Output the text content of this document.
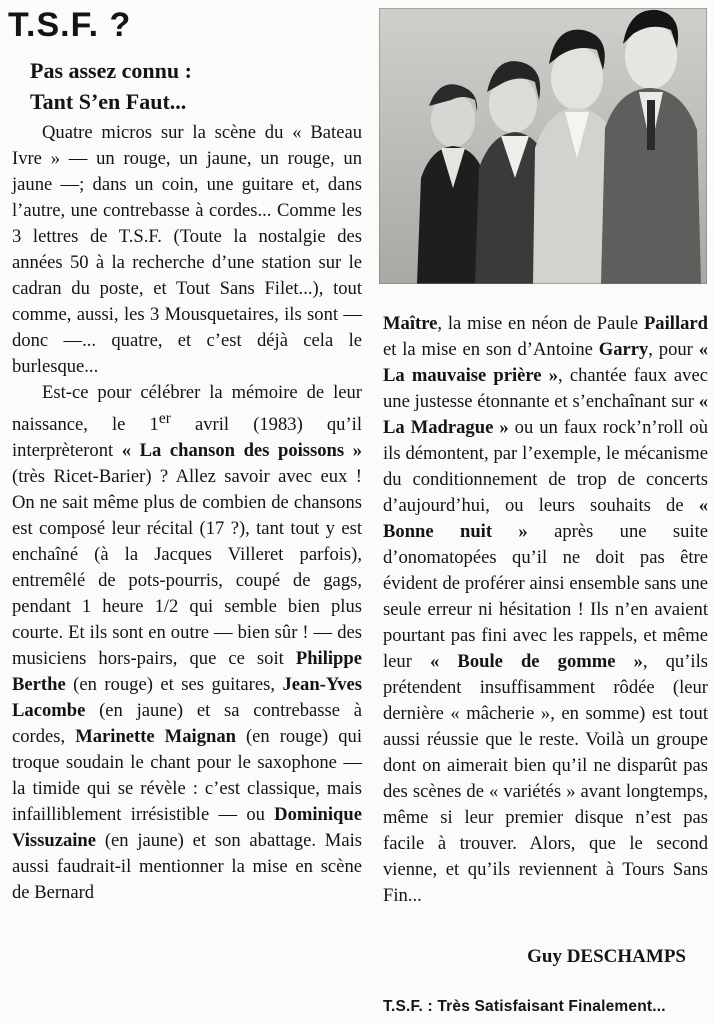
T.S.F. ?
Pas assez connu :
Tant S’en Faut...

Quatre micros sur la scène du « Bateau Ivre » — un rouge, un jaune, un rouge, un jaune —; dans un coin, une guitare et, dans l’autre, une contrebasse à cordes... Comme les 3 lettres de T.S.F. (Toute la nostalgie des années 50 à la recherche d’une station sur le cadran du poste, et Tout Sans Filet...), tout comme, aussi, les 3 Mousquetaires, ils sont — donc —... quatre, et c’est déjà cela le burlesque...

Est-ce pour célébrer la mémoire de leur naissance, le 1er avril (1983) qu’il interprèteront « La chanson des poissons » (très Ricet-Barier) ? Allez savoir avec eux ! On ne sait même plus de combien de chansons est composé leur récital (17 ?), tant tout y est enchaîné (à la Jacques Villeret parfois), entremêlé de pots-pourris, coupé de gags, pendant 1 heure 1/2 qui semble bien plus courte. Et ils sont en outre — bien sûr ! — des musiciens hors-pairs, que ce soit Philippe Berthe (en rouge) et ses guitares, Jean-Yves Lacombe (en jaune) et sa contrebasse à cordes, Marinette Maignan (en rouge) qui troque soudain le chant pour le saxophone — la timide qui se révèle : c’est classique, mais infailliblement irrésistible — ou Dominique Vissuzaine (en jaune) et son abattage. Mais aussi faudrait-il mentionner la mise en scène de Bernard

Maître, la mise en néon de Paule Paillard et la mise en son d’Antoine Garry, pour « La mauvaise prière », chantée faux avec une justesse étonnante et s’enchaînant sur « La Madrague » ou un faux rock’n’roll où ils démontent, par l’exemple, le mécanisme du conditionnement de trop de concerts d’aujourd’hui, ou leurs souhaits de « Bonne nuit » après une suite d’onomatopées qu’il ne doit pas être évident de proférer ainsi ensemble sans une seule erreur ni hésitation ! Ils n’en avaient pourtant pas fini avec les rappels, et même leur « Boule de gomme », qu’ils prétendent insuffisamment rôdée (leur dernière « mâcherie », en somme) est tout aussi réussie que le reste. Voilà un groupe dont on aimerait bien qu’il ne disparût pas des scènes de « variétés » avant longtemps, même si leur premier disque n’est pas facile à trouver. Alors, que le second vienne, et qu’ils reviennent à Tours Sans Fin...

Guy DESCHAMPS
T.S.F. : Très Satisfaisant Finalement...
